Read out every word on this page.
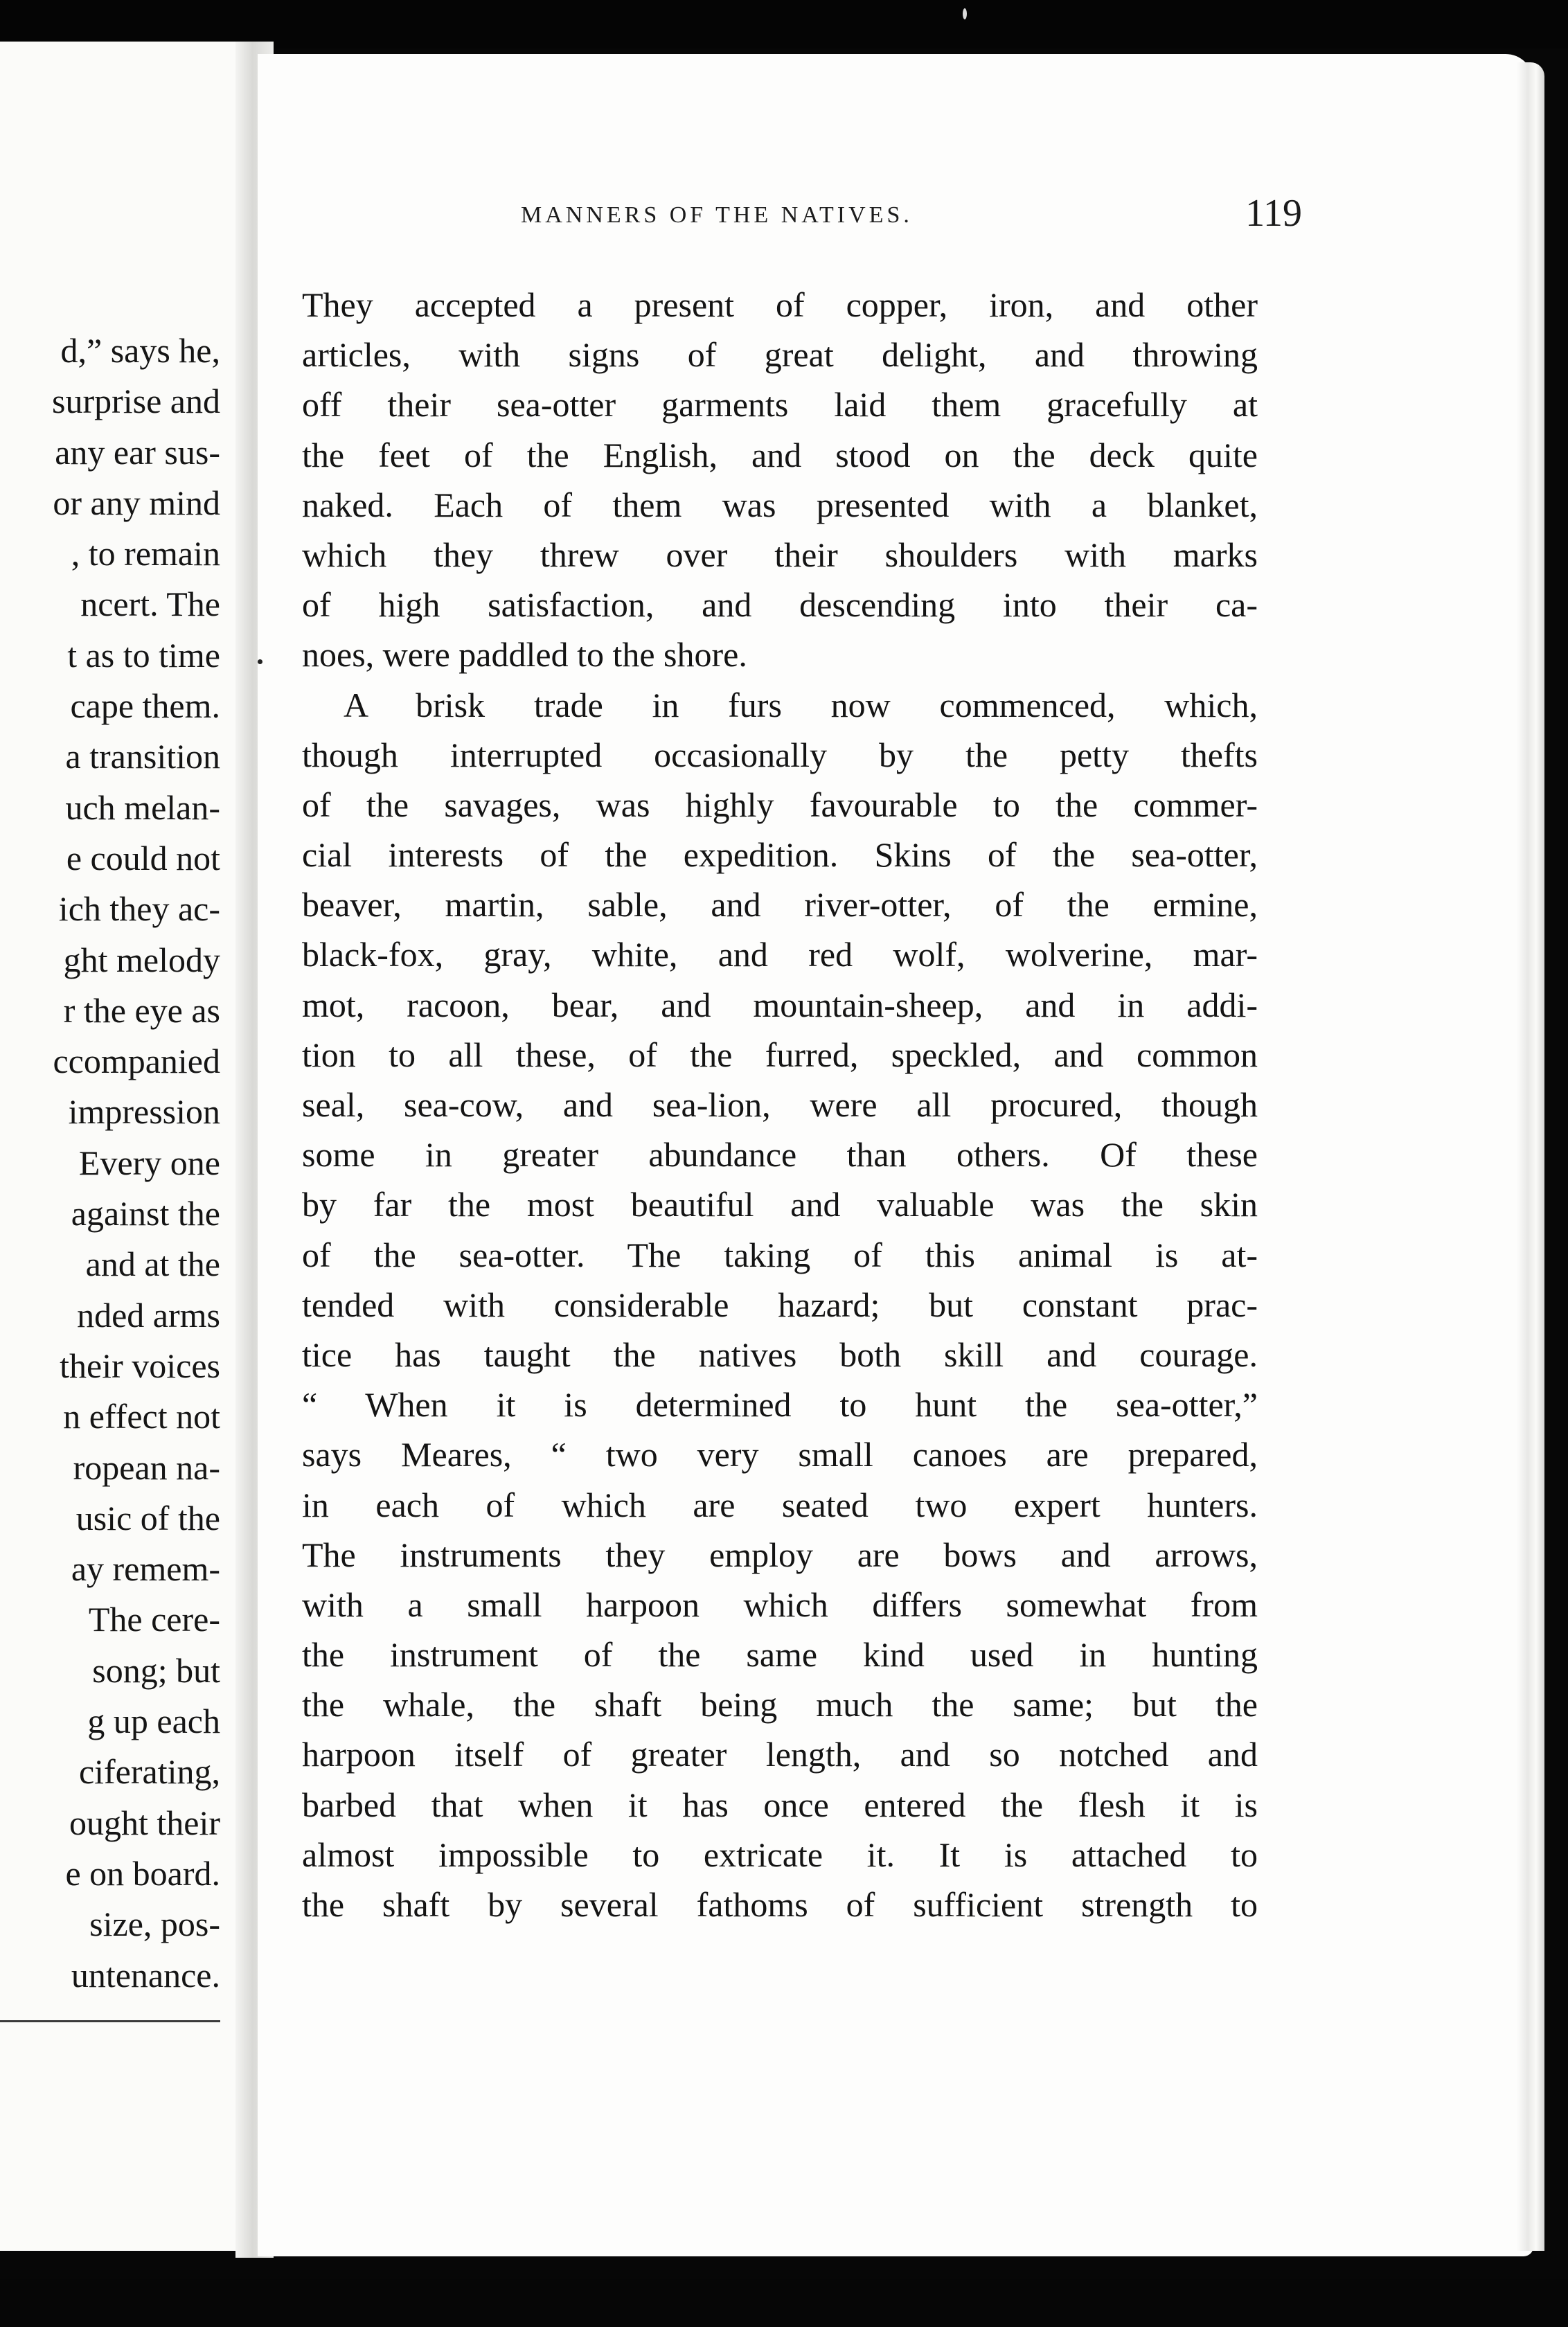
d,” says he,
surprise and
any ear sus-
or any mind
, to remain
ncert. The
t as to time
cape them.
a transition
uch melan-
e could not
ich they ac-
ght melody
r the eye as
ccompanied
impression
Every one
against the
and at the
nded arms
their voices
n effect not
ropean na-
usic of the
ay remem-
The cere-
song; but
g up each
ciferating,
ought their
e on board.
size, pos-
untenance.
MANNERS OF THE NATIVES.	119
They accepted a present of copper, iron, and other
articles, with signs of great delight, and throwing
off their sea-otter garments laid them gracefully at
the feet of the English, and stood on the deck quite
naked. Each of them was presented with a blanket,
which they threw over their shoulders with marks
of high satisfaction, and descending into their ca-
noes, were paddled to the shore.
A brisk trade in furs now commenced, which,
though interrupted occasionally by the petty thefts
of the savages, was highly favourable to the commer-
cial interests of the expedition. Skins of the sea-otter,
beaver, martin, sable, and river-otter, of the ermine,
black-fox, gray, white, and red wolf, wolverine, mar-
mot, racoon, bear, and mountain-sheep, and in addi-
tion to all these, of the furred, speckled, and common
seal, sea-cow, and sea-lion, were all procured, though
some in greater abundance than others. Of these
by far the most beautiful and valuable was the skin
of the sea-otter. The taking of this animal is at-
tended with considerable hazard; but constant prac-
tice has taught the natives both skill and courage.
“ When it is determined to hunt the sea-otter,”
says Meares, “ two very small canoes are prepared,
in each of which are seated two expert hunters.
The instruments they employ are bows and arrows,
with a small harpoon which differs somewhat from
the instrument of the same kind used in hunting
the whale, the shaft being much the same; but the
harpoon itself of greater length, and so notched and
barbed that when it has once entered the flesh it is
almost impossible to extricate it. It is attached to
the shaft by several fathoms of sufficient strength to
